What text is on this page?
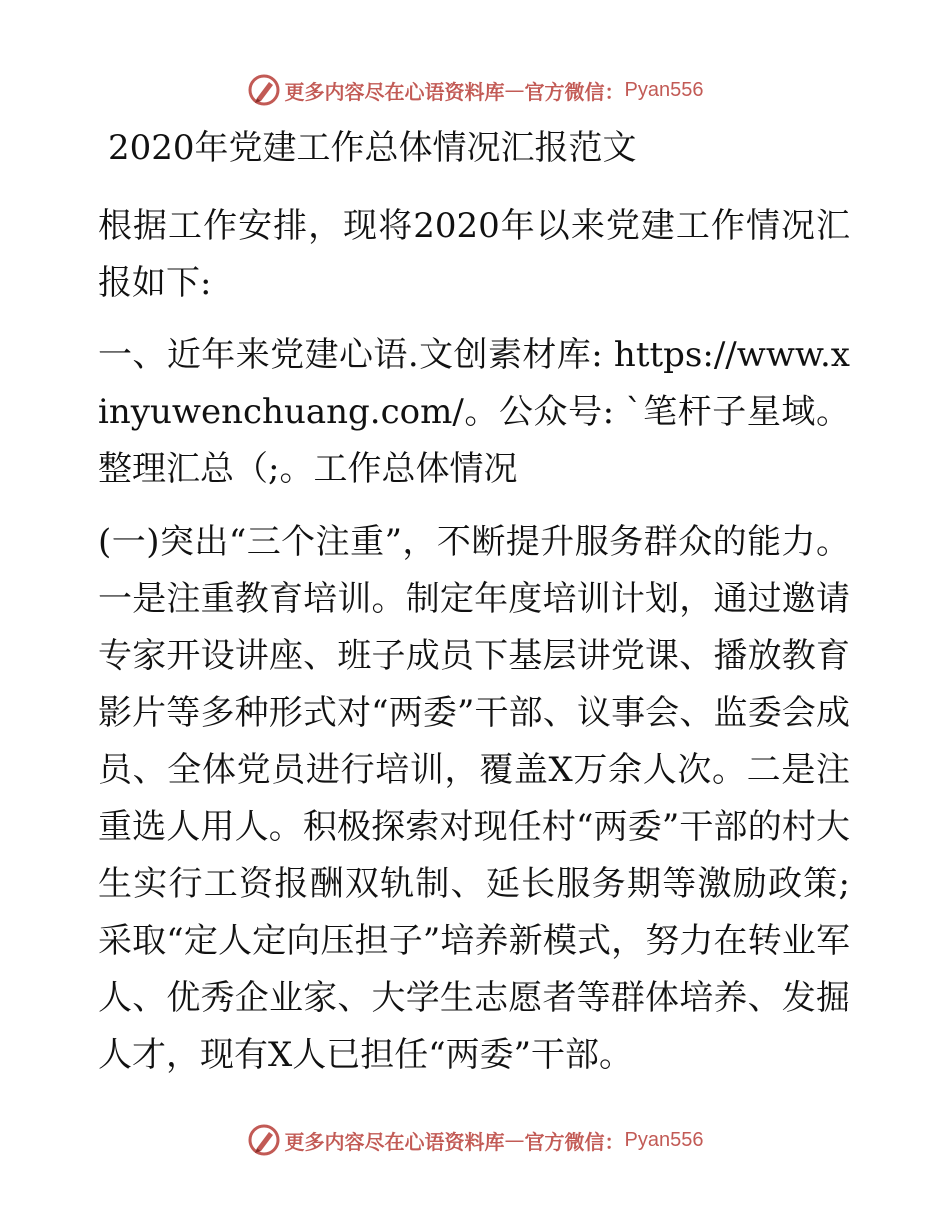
更多内容尽在心语资料库 — 官方微信： Pyan556
2020年党建工作总体情况汇报范文

根据工作安排，现将2020年以来党建工作情况汇报如下:

一、近年来党建心语.文创素材库: https://www.xinyuwenchuang.com/。公众号: `笔杆子星域。整理汇总（;。工作总体情况

(一)突出“三个注重”，不断提升服务群众的能力。一是注重教育培训。制定年度培训计划，通过邀请专家开设讲座、班子成员下基层讲党课、播放教育影片等多种形式对“两委”干部、议事会、监委会成员、全体党员进行培训，覆盖X万余人次。二是注重选人用人。积极探索对现任村“两委”干部的村大生实行工资报酬双轨制、延长服务期等激励政策;采取“定人定向压担子”培养新模式，努力在转业军人、优秀企业家、大学生志愿者等群体培养、发掘人才，现有X人已担任“两委”干部。

更多内容尽在心语资料库 — 官方微信： Pyan556
